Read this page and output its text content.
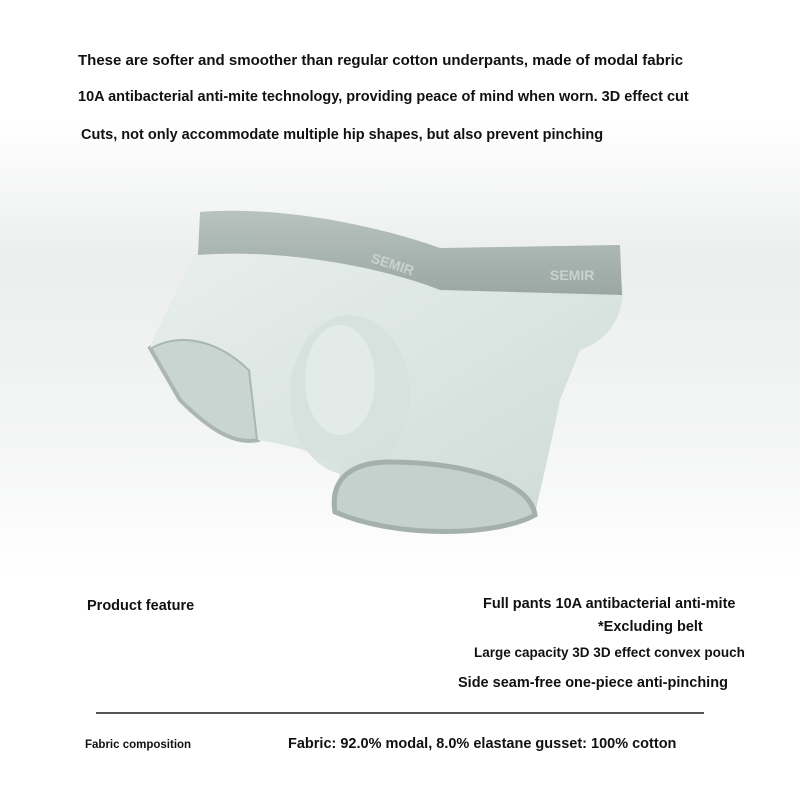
These are softer and smoother than regular cotton underpants, made of modal fabric
10A antibacterial anti-mite technology, providing peace of mind when worn. 3D effect cut
Cuts, not only accommodate multiple hip shapes, but also prevent pinching
SEMIR	SEMIR
Product feature	Full pants 10A antibacterial anti-mite
*Excluding belt
Large capacity 3D 3D effect convex pouch
Side seam-free one-piece anti-pinching
Fabric composition	Fabric: 92.0% modal, 8.0% elastane gusset: 100% cotton
